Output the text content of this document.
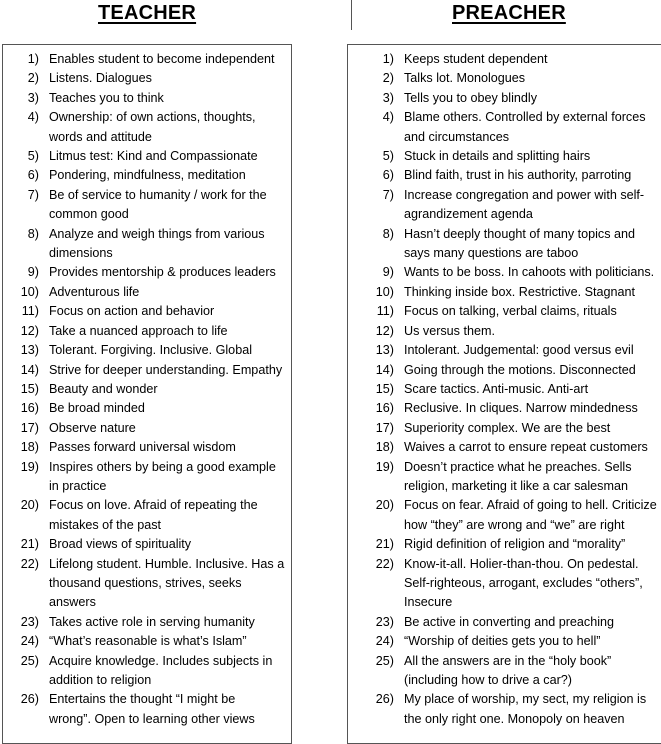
TEACHER	PREACHER
1) Enables student to become independent
2) Listens. Dialogues
3) Teaches you to think
4) Ownership: of own actions, thoughts,
words and attitude
5) Litmus test: Kind and Compassionate
6) Pondering, mindfulness, meditation
7) Be of service to humanity / work for the
common good
8) Analyze and weigh things from various
dimensions
9) Provides mentorship & produces leaders
10) Adventurous life
11) Focus on action and behavior
12) Take a nuanced approach to life
13) Tolerant. Forgiving. Inclusive. Global
14) Strive for deeper understanding. Empathy
15) Beauty and wonder
16) Be broad minded
17) Observe nature
18) Passes forward universal wisdom
19) Inspires others by being a good example
in practice
20) Focus on love. Afraid of repeating the
mistakes of the past
21) Broad views of spirituality
22) Lifelong student. Humble. Inclusive. Has a
thousand questions, strives, seeks
answers
23) Takes active role in serving humanity
24) “What’s reasonable is what’s Islam”
25) Acquire knowledge. Includes subjects in
addition to religion
26) Entertains the thought “I might be
wrong”. Open to learning other views
1) Keeps student dependent
2) Talks lot. Monologues
3) Tells you to obey blindly
4) Blame others. Controlled by external forces
and circumstances
5) Stuck in details and splitting hairs
6) Blind faith, trust in his authority, parroting
7) Increase congregation and power with self-
agrandizement agenda
8) Hasn’t deeply thought of many topics and
says many questions are taboo
9) Wants to be boss. In cahoots with politicians.
10) Thinking inside box. Restrictive. Stagnant
11) Focus on talking, verbal claims, rituals
12) Us versus them.
13) Intolerant. Judgemental: good versus evil
14) Going through the motions. Disconnected
15) Scare tactics. Anti-music. Anti-art
16) Reclusive. In cliques. Narrow mindedness
17) Superiority complex. We are the best
18) Waives a carrot to ensure repeat customers
19) Doesn’t practice what he preaches. Sells
religion, marketing it like a car salesman
20) Focus on fear. Afraid of going to hell. Criticize
how “they” are wrong and “we” are right
21) Rigid definition of religion and “morality”
22) Know-it-all. Holier-than-thou. On pedestal.
Self-righteous, arrogant, excludes “others”,
Insecure
23) Be active in converting and preaching
24) “Worship of deities gets you to hell”
25) All the answers are in the “holy book”
(including how to drive a car?)
26) My place of worship, my sect, my religion is
the only right one. Monopoly on heaven
